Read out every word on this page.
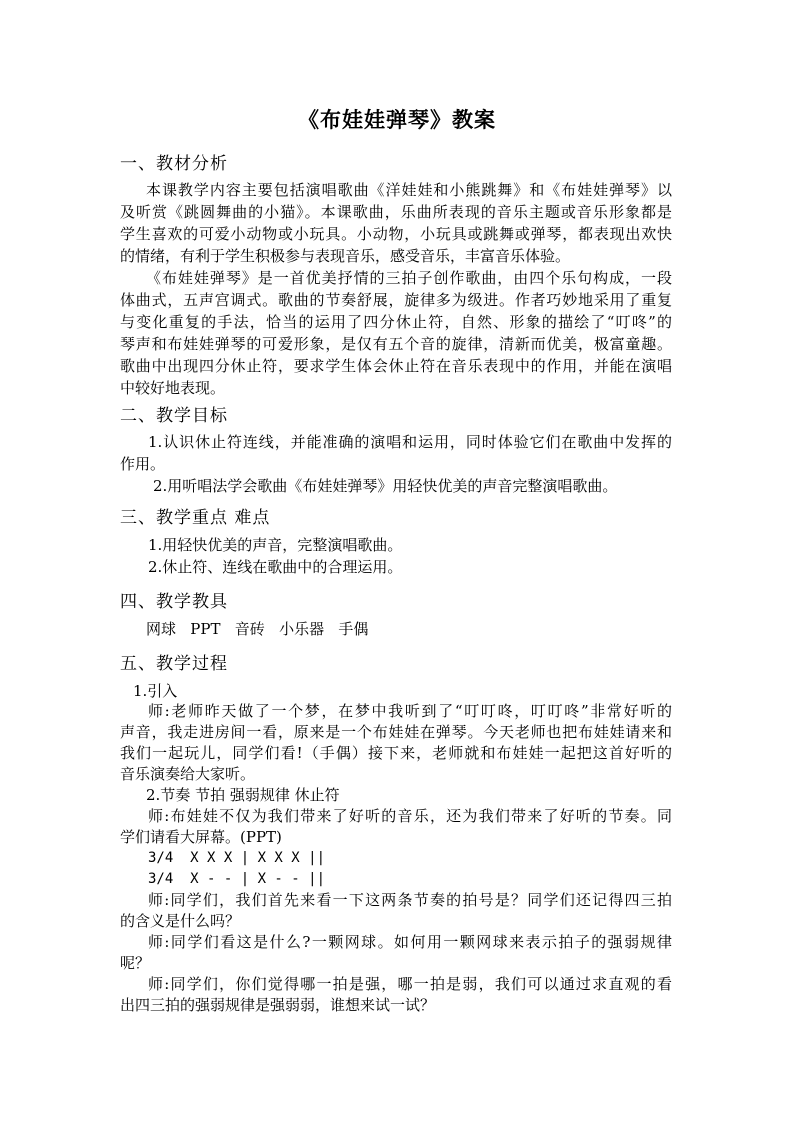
《布娃娃弹琴》教案
一、教材分析
本课教学内容主要包括演唱歌曲《洋娃娃和小熊跳舞》和《布娃娃弹琴》以
及听赏《跳圆舞曲的小猫》。本课歌曲，乐曲所表现的音乐主题或音乐形象都是
学生喜欢的可爱小动物或小玩具。小动物，小玩具或跳舞或弹琴，都表现出欢快
的情绪，有利于学生积极参与表现音乐，感受音乐，丰富音乐体验。
《布娃娃弹琴》是一首优美抒情的三拍子创作歌曲，由四个乐句构成，一段
体曲式，五声宫调式。歌曲的节奏舒展，旋律多为级进。作者巧妙地采用了重复
与变化重复的手法，恰当的运用了四分休止符，自然、形象的描绘了“叮咚”的
琴声和布娃娃弹琴的可爱形象，是仅有五个音的旋律，清新而优美，极富童趣。
歌曲中出现四分休止符，要求学生体会休止符在音乐表现中的作用，并能在演唱
中较好地表现。
二、教学目标
1.认识休止符连线，并能准确的演唱和运用，同时体验它们在歌曲中发挥的
作用。
2.用听唱法学会歌曲《布娃娃弹琴》用轻快优美的声音完整演唱歌曲。
三、教学重点 难点
1.用轻快优美的声音，完整演唱歌曲。
2.休止符、连线在歌曲中的合理运用。
四、教学教具
网球   PPT   音砖   小乐器   手偶
五、教学过程
1.引入
师:老师昨天做了一个梦，在梦中我听到了“叮叮咚，叮叮咚”非常好听的
声音，我走进房间一看，原来是一个布娃娃在弹琴。今天老师也把布娃娃请来和
我们一起玩儿，同学们看!（手偶）接下来，老师就和布娃娃一起把这首好听的
音乐演奏给大家听。
2.节奏 节拍 强弱规律 休止符
师:布娃娃不仅为我们带来了好听的音乐，还为我们带来了好听的节奏。同
学们请看大屏幕。(PPT)
3/4  X X X | X X X ||
3/4  X - - | X - - ||
师:同学们，我们首先来看一下这两条节奏的拍号是？同学们还记得四三拍
的含义是什么吗？
师:同学们看这是什么?一颗网球。如何用一颗网球来表示拍子的强弱规律
呢？
师:同学们，你们觉得哪一拍是强，哪一拍是弱，我们可以通过求直观的看
出四三拍的强弱规律是强弱弱，谁想来试一试？
